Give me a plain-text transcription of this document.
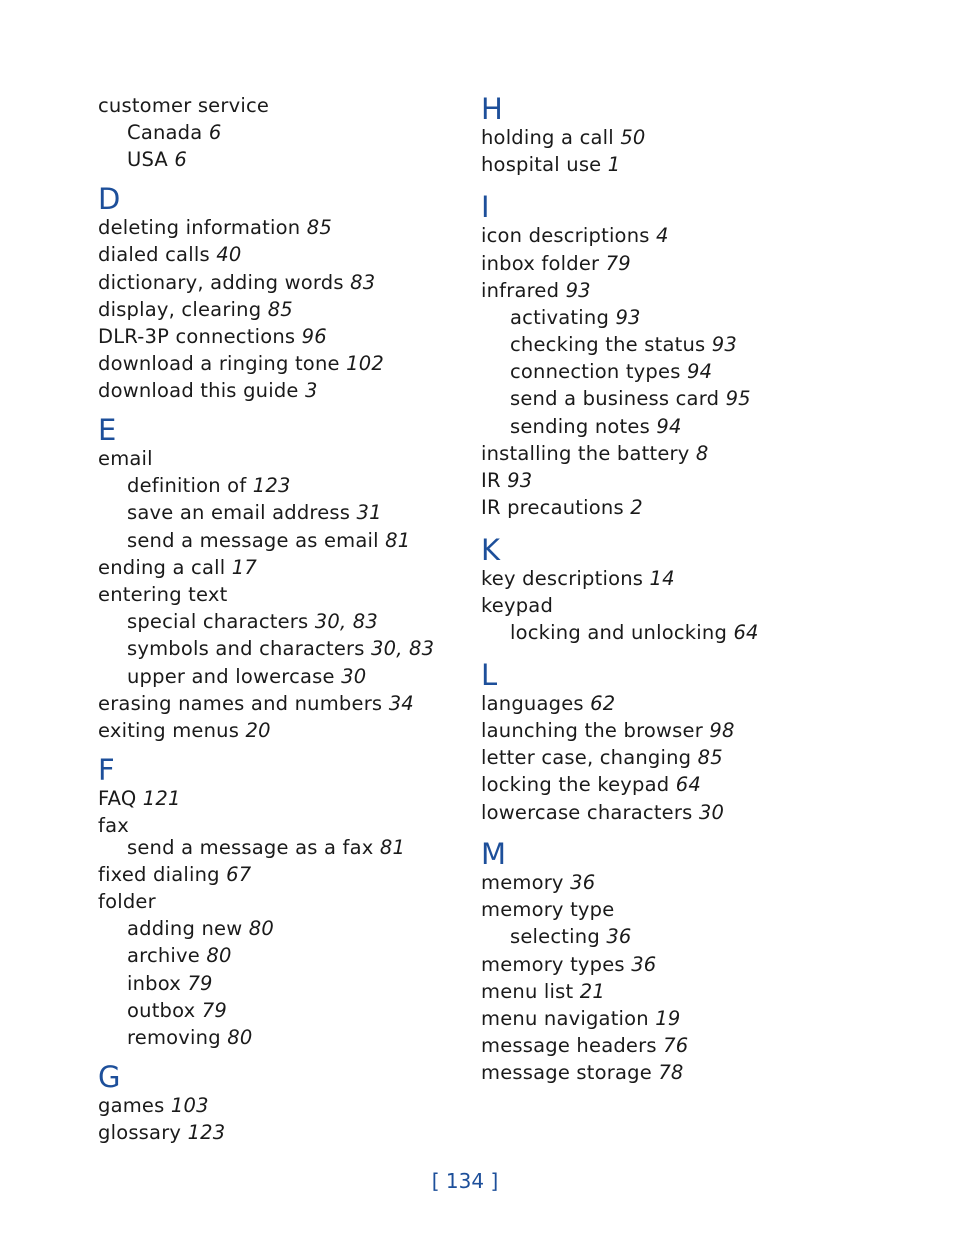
customer service
Canada 6
USA 6
D
deleting information 85
dialed calls 40
dictionary, adding words 83
display, clearing 85
DLR-3P connections 96
download a ringing tone 102
download this guide 3
E
email
definition of 123
save an email address 31
send a message as email 81
ending a call 17
entering text
special characters 30, 83
symbols and characters 30, 83
upper and lowercase 30
erasing names and numbers 34
exiting menus 20
F
FAQ 121
fax
send a message as a fax 81
fixed dialing 67
folder
adding new 80
archive 80
inbox 79
outbox 79
removing 80
G
games 103
glossary 123
H
holding a call 50
hospital use 1
I
icon descriptions 4
inbox folder 79
infrared 93
activating 93
checking the status 93
connection types 94
send a business card 95
sending notes 94
installing the battery 8
IR 93
IR precautions 2
K
key descriptions 14
keypad
locking and unlocking 64
L
languages 62
launching the browser 98
letter case, changing 85
locking the keypad 64
lowercase characters 30
M
memory 36
memory type
selecting 36
memory types 36
menu list 21
menu navigation 19
message headers 76
message storage 78
[ 134 ]
